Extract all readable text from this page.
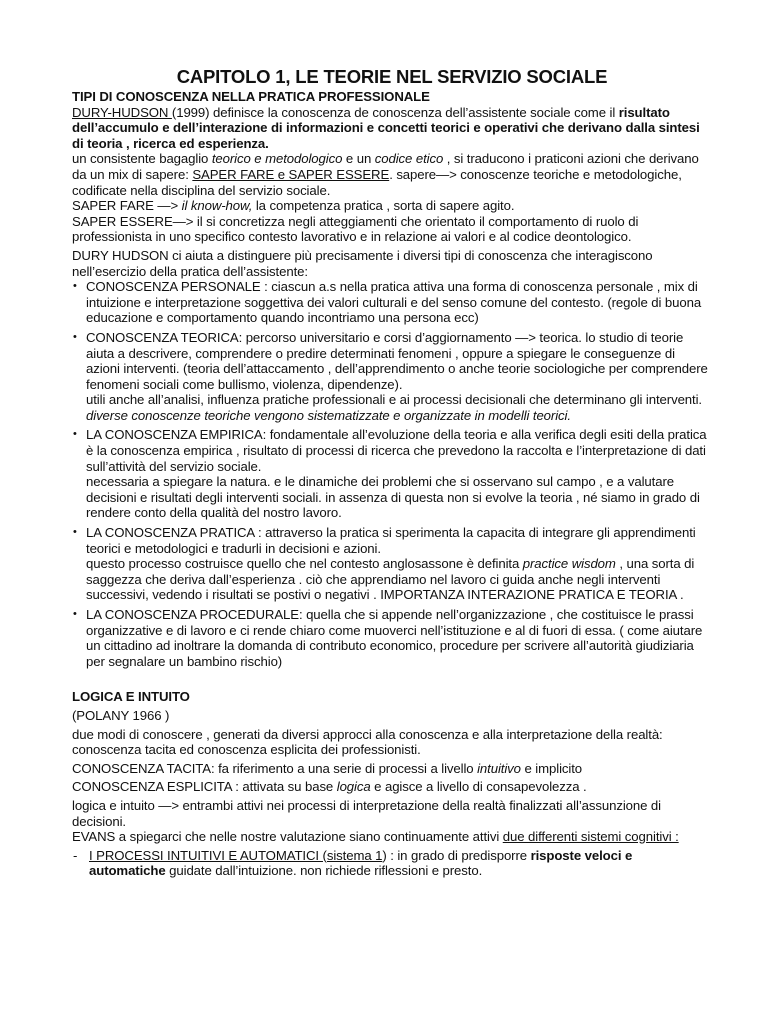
CAPITOLO 1, LE TEORIE NEL SERVIZIO SOCIALE

TIPI DI CONOSCENZA NELLA PRATICA PROFESSIONALE

DURY-HUDSON (1999) definisce la conoscenza de conoscenza dell’assistente sociale come il risultato dell’accumulo e dell’interazione di informazioni e concetti teorici e operativi che derivano dalla sintesi di teoria , ricerca ed esperienza.

un consistente bagaglio teorico e metodologico e un codice etico , si traducono i praticoni azioni che derivano da un mix di sapere: SAPER FARE e SAPER ESSERE. sapere—> conoscenze teoriche e metodologiche, codificate nella disciplina del servizio sociale.

SAPER FARE —> il know-how, la competenza pratica , sorta di sapere agito.

SAPER ESSERE—> il si concretizza negli atteggiamenti che orientato il comportamento di ruolo di professionista in uno specifico contesto lavorativo e in relazione ai valori e al codice deontologico.

DURY HUDSON ci aiuta a distinguere più precisamente i diversi tipi di conoscenza che interagiscono nell’esercizio della pratica dell’assistente:

• CONOSCENZA PERSONALE : ciascun a.s nella pratica attiva una forma di conoscenza personale , mix di intuizione e interpretazione soggettiva dei valori culturali e del senso comune del contesto. (regole di buona educazione e comportamento quando incontriamo una persona ecc)
• CONOSCENZA TEORICA: percorso universitario e corsi d’aggiornamento —> teorica. lo studio di teorie aiuta a descrivere, comprendere o predire determinati fenomeni , oppure a spiegare le conseguenze di azioni interventi. (teoria dell’attaccamento , dell’apprendimento o anche teorie sociologiche per comprendere fenomeni sociali come bullismo, violenza, dipendenze).

utili anche all’analisi, influenza pratiche professionali e ai processi decisionali che determinano gli interventi.

diverse conoscenze teoriche vengono sistematizzate e organizzate in modelli teorici.

• LA CONOSCENZA EMPIRICA: fondamentale all’evoluzione della teoria e alla verifica degli esiti della pratica è la conoscenza empirica , risultato di processi di ricerca che prevedono la raccolta e l’interpretazione di dati sull’attività del servizio sociale.

necessaria a spiegare la natura. e le dinamiche dei problemi che si osservano sul campo , e a valutare decisioni e risultati degli interventi sociali. in assenza di questa non si evolve la teoria , né siamo in grado di rendere conto della qualità del nostro lavoro.

• LA CONOSCENZA PRATICA : attraverso la pratica si sperimenta la capacita di integrare gli apprendimenti teorici e metodologici e tradurli in decisioni e azioni.

questo processo costruisce quello che nel contesto anglosassone è definita practice wisdom , una sorta di saggezza che deriva dall’esperienza . ciò che apprendiamo nel lavoro ci guida anche negli interventi successivi, vedendo i risultati se postivi o negativi . IMPORTANZA INTERAZIONE PRATICA E TEORIA .

• LA CONOSCENZA PROCEDURALE: quella che si appende nell’organizzazione , che costituisce le prassi organizzative e di lavoro e ci rende chiaro come muoverci nell’istituzione e al di fuori di essa. ( come aiutare un cittadino ad inoltrare la domanda di contributo economico, procedure per scrivere all’autorità giudiziaria per segnalare un bambino rischio)

LOGICA E INTUITO

(POLANY 1966 )

due modi di conoscere , generati da diversi approcci alla conoscenza e alla interpretazione della realtà: conoscenza tacita ed conoscenza esplicita dei professionisti.

CONOSCENZA TACITA: fa riferimento a una serie di processi a livello intuitivo e implicito

CONOSCENZA ESPLICITA : attivata su base logica e agisce a livello di consapevolezza .

logica e intuito —> entrambi attivi nei processi di interpretazione della realtà finalizzati all’assunzione di decisioni.

EVANS a spiegarci che nelle nostre valutazione siano continuamente attivi due differenti sistemi cognitivi :

- I PROCESSI INTUITIVI E AUTOMATICI (sistema 1) : in grado di predisporre risposte veloci e automatiche guidate dall’intuizione. non richiede riflessioni e presto.
